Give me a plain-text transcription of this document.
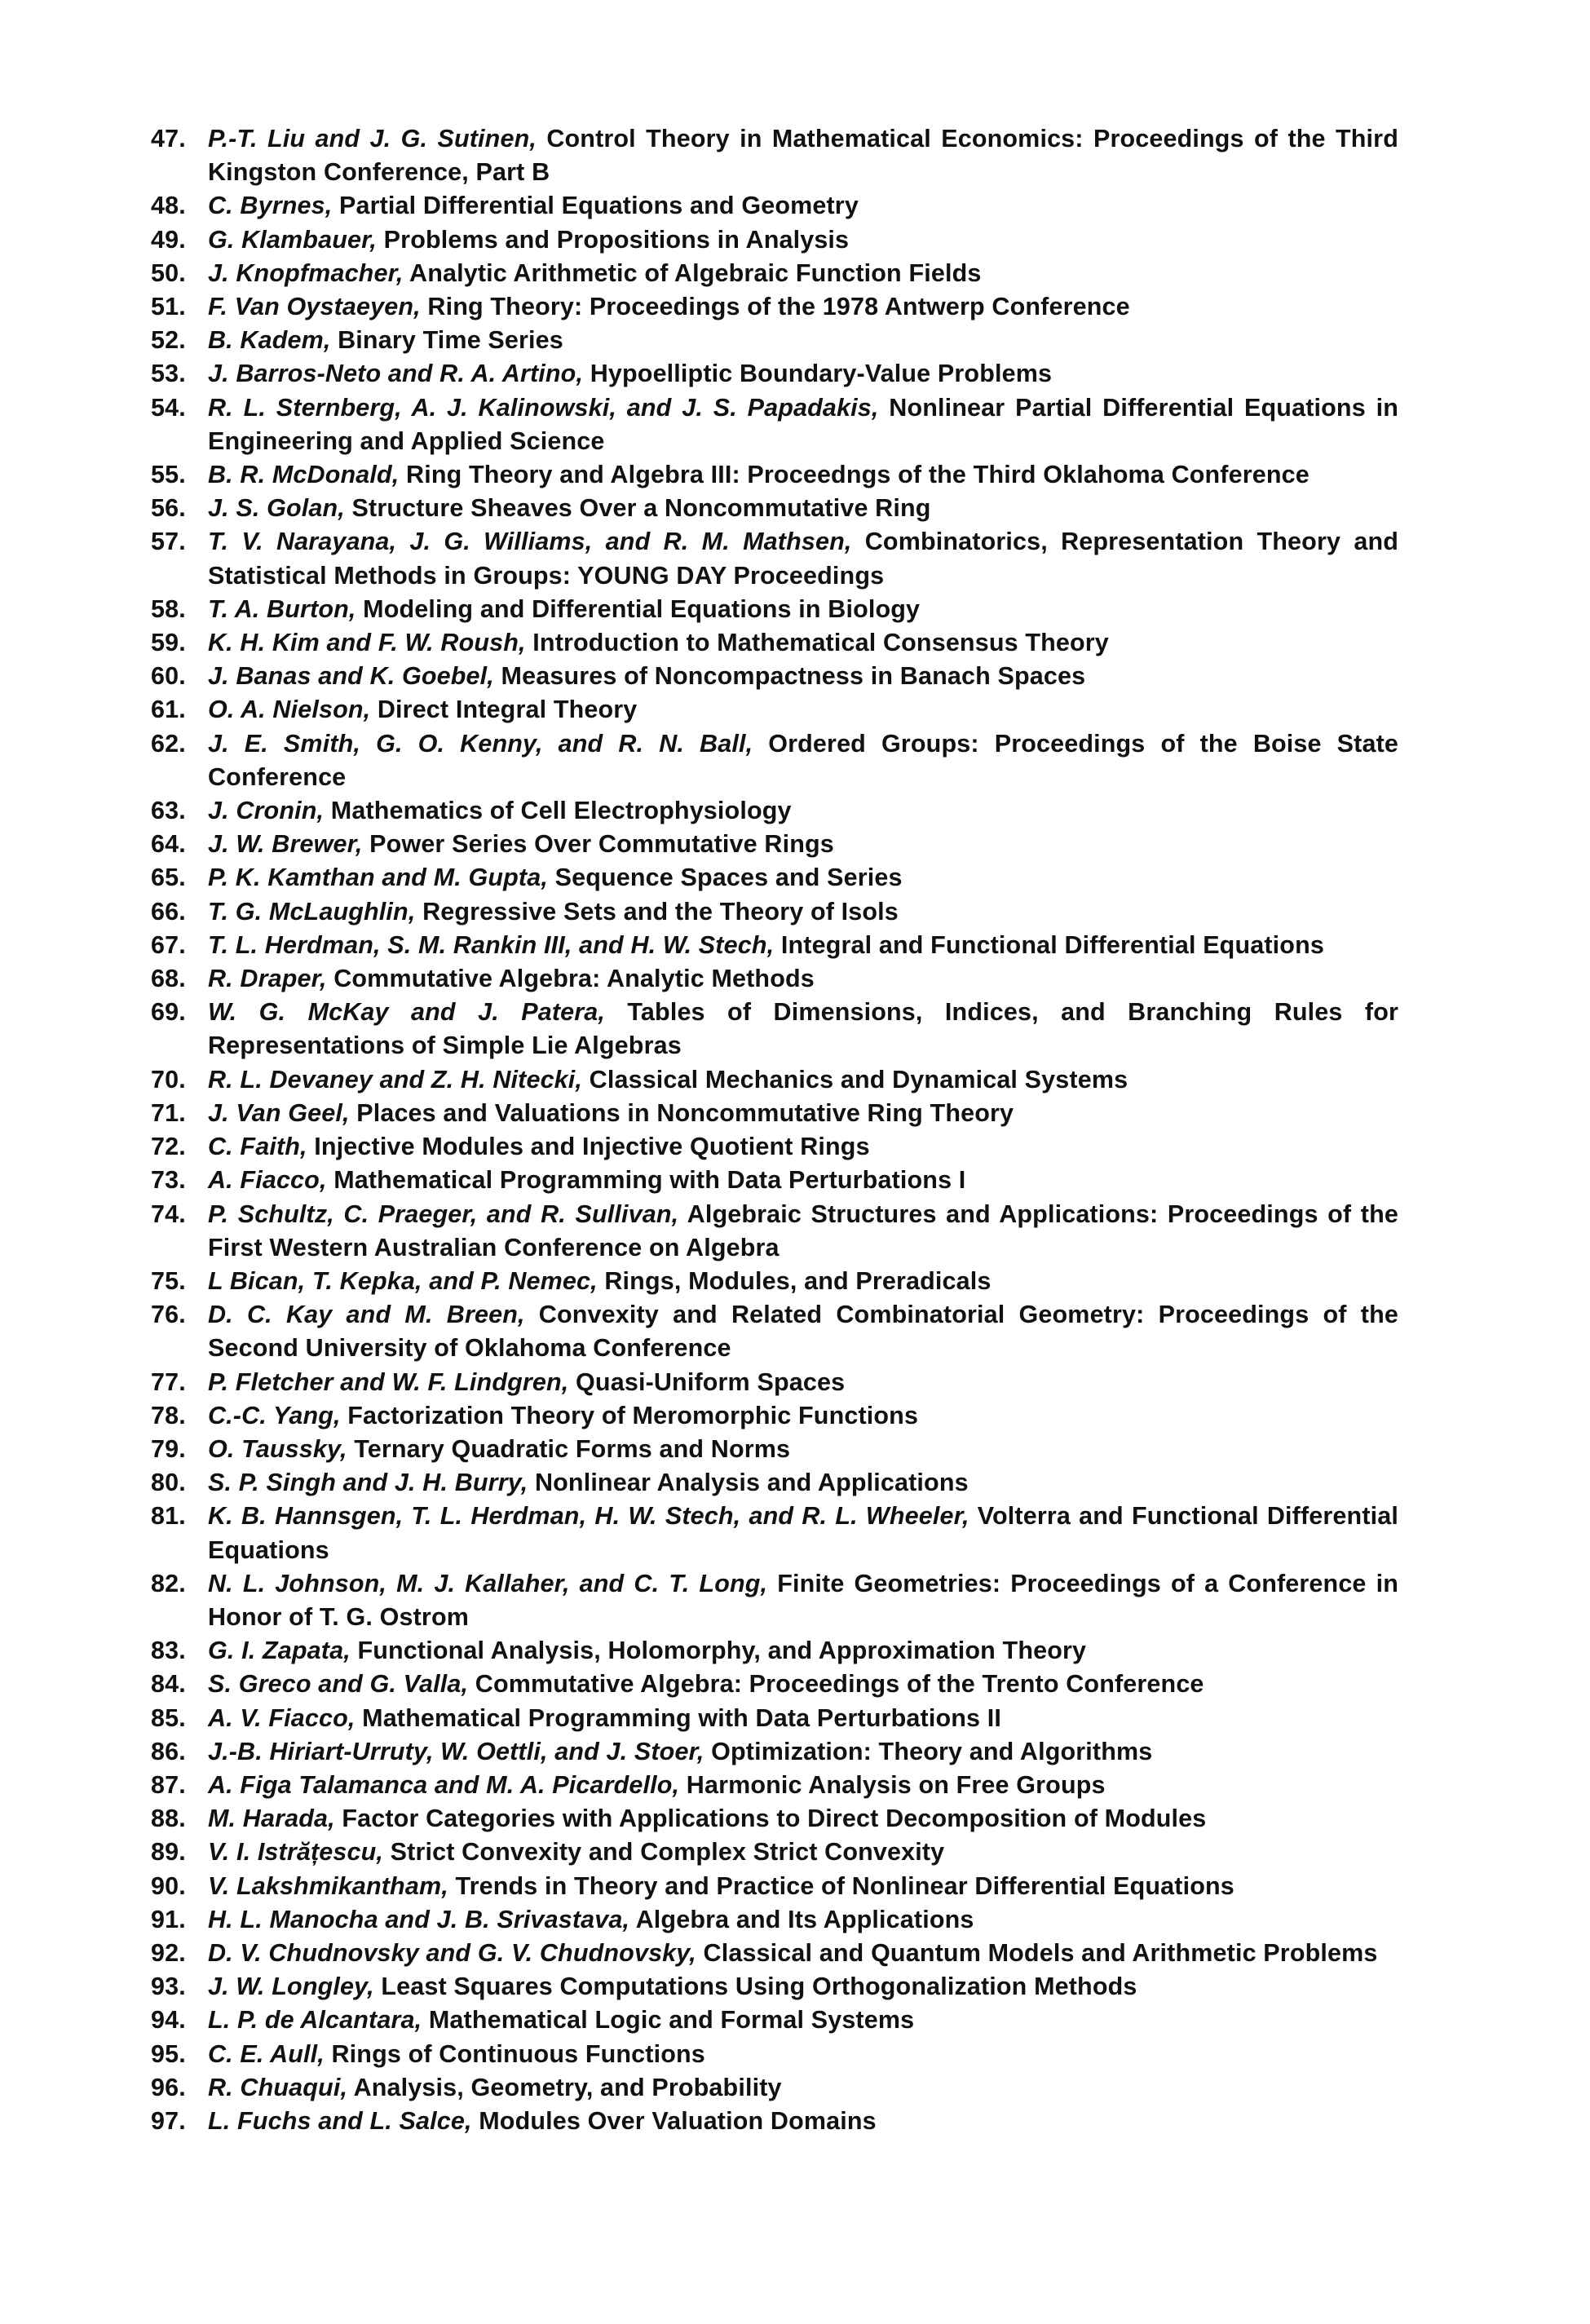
47. P.-T. Liu and J. G. Sutinen, Control Theory in Mathematical Economics: Proceedings of the Third Kingston Conference, Part B
48. C. Byrnes, Partial Differential Equations and Geometry
49. G. Klambauer, Problems and Propositions in Analysis
50. J. Knopfmacher, Analytic Arithmetic of Algebraic Function Fields
51. F. Van Oystaeyen, Ring Theory: Proceedings of the 1978 Antwerp Conference
52. B. Kadem, Binary Time Series
53. J. Barros-Neto and R. A. Artino, Hypoelliptic Boundary-Value Problems
54. R. L. Sternberg, A. J. Kalinowski, and J. S. Papadakis, Nonlinear Partial Differential Equations in Engineering and Applied Science
55. B. R. McDonald, Ring Theory and Algebra III: Proceedngs of the Third Oklahoma Conference
56. J. S. Golan, Structure Sheaves Over a Noncommutative Ring
57. T. V. Narayana, J. G. Williams, and R. M. Mathsen, Combinatorics, Representation Theory and Statistical Methods in Groups: YOUNG DAY Proceedings
58. T. A. Burton, Modeling and Differential Equations in Biology
59. K. H. Kim and F. W. Roush, Introduction to Mathematical Consensus Theory
60. J. Banas and K. Goebel, Measures of Noncompactness in Banach Spaces
61. O. A. Nielson, Direct Integral Theory
62. J. E. Smith, G. O. Kenny, and R. N. Ball, Ordered Groups: Proceedings of the Boise State Conference
63. J. Cronin, Mathematics of Cell Electrophysiology
64. J. W. Brewer, Power Series Over Commutative Rings
65. P. K. Kamthan and M. Gupta, Sequence Spaces and Series
66. T. G. McLaughlin, Regressive Sets and the Theory of Isols
67. T. L. Herdman, S. M. Rankin III, and H. W. Stech, Integral and Functional Differential Equations
68. R. Draper, Commutative Algebra: Analytic Methods
69. W. G. McKay and J. Patera, Tables of Dimensions, Indices, and Branching Rules for Representations of Simple Lie Algebras
70. R. L. Devaney and Z. H. Nitecki, Classical Mechanics and Dynamical Systems
71. J. Van Geel, Places and Valuations in Noncommutative Ring Theory
72. C. Faith, Injective Modules and Injective Quotient Rings
73. A. Fiacco, Mathematical Programming with Data Perturbations I
74. P. Schultz, C. Praeger, and R. Sullivan, Algebraic Structures and Applications: Proceedings of the First Western Australian Conference on Algebra
75. L Bican, T. Kepka, and P. Nemec, Rings, Modules, and Preradicals
76. D. C. Kay and M. Breen, Convexity and Related Combinatorial Geometry: Proceedings of the Second University of Oklahoma Conference
77. P. Fletcher and W. F. Lindgren, Quasi-Uniform Spaces
78. C.-C. Yang, Factorization Theory of Meromorphic Functions
79. O. Taussky, Ternary Quadratic Forms and Norms
80. S. P. Singh and J. H. Burry, Nonlinear Analysis and Applications
81. K. B. Hannsgen, T. L. Herdman, H. W. Stech, and R. L. Wheeler, Volterra and Functional Differential Equations
82. N. L. Johnson, M. J. Kallaher, and C. T. Long, Finite Geometries: Proceedings of a Conference in Honor of T. G. Ostrom
83. G. I. Zapata, Functional Analysis, Holomorphy, and Approximation Theory
84. S. Greco and G. Valla, Commutative Algebra: Proceedings of the Trento Conference
85. A. V. Fiacco, Mathematical Programming with Data Perturbations II
86. J.-B. Hiriart-Urruty, W. Oettli, and J. Stoer, Optimization: Theory and Algorithms
87. A. Figa Talamanca and M. A. Picardello, Harmonic Analysis on Free Groups
88. M. Harada, Factor Categories with Applications to Direct Decomposition of Modules
89. V. I. Istrățescu, Strict Convexity and Complex Strict Convexity
90. V. Lakshmikantham, Trends in Theory and Practice of Nonlinear Differential Equations
91. H. L. Manocha and J. B. Srivastava, Algebra and Its Applications
92. D. V. Chudnovsky and G. V. Chudnovsky, Classical and Quantum Models and Arithmetic Problems
93. J. W. Longley, Least Squares Computations Using Orthogonalization Methods
94. L. P. de Alcantara, Mathematical Logic and Formal Systems
95. C. E. Aull, Rings of Continuous Functions
96. R. Chuaqui, Analysis, Geometry, and Probability
97. L. Fuchs and L. Salce, Modules Over Valuation Domains
